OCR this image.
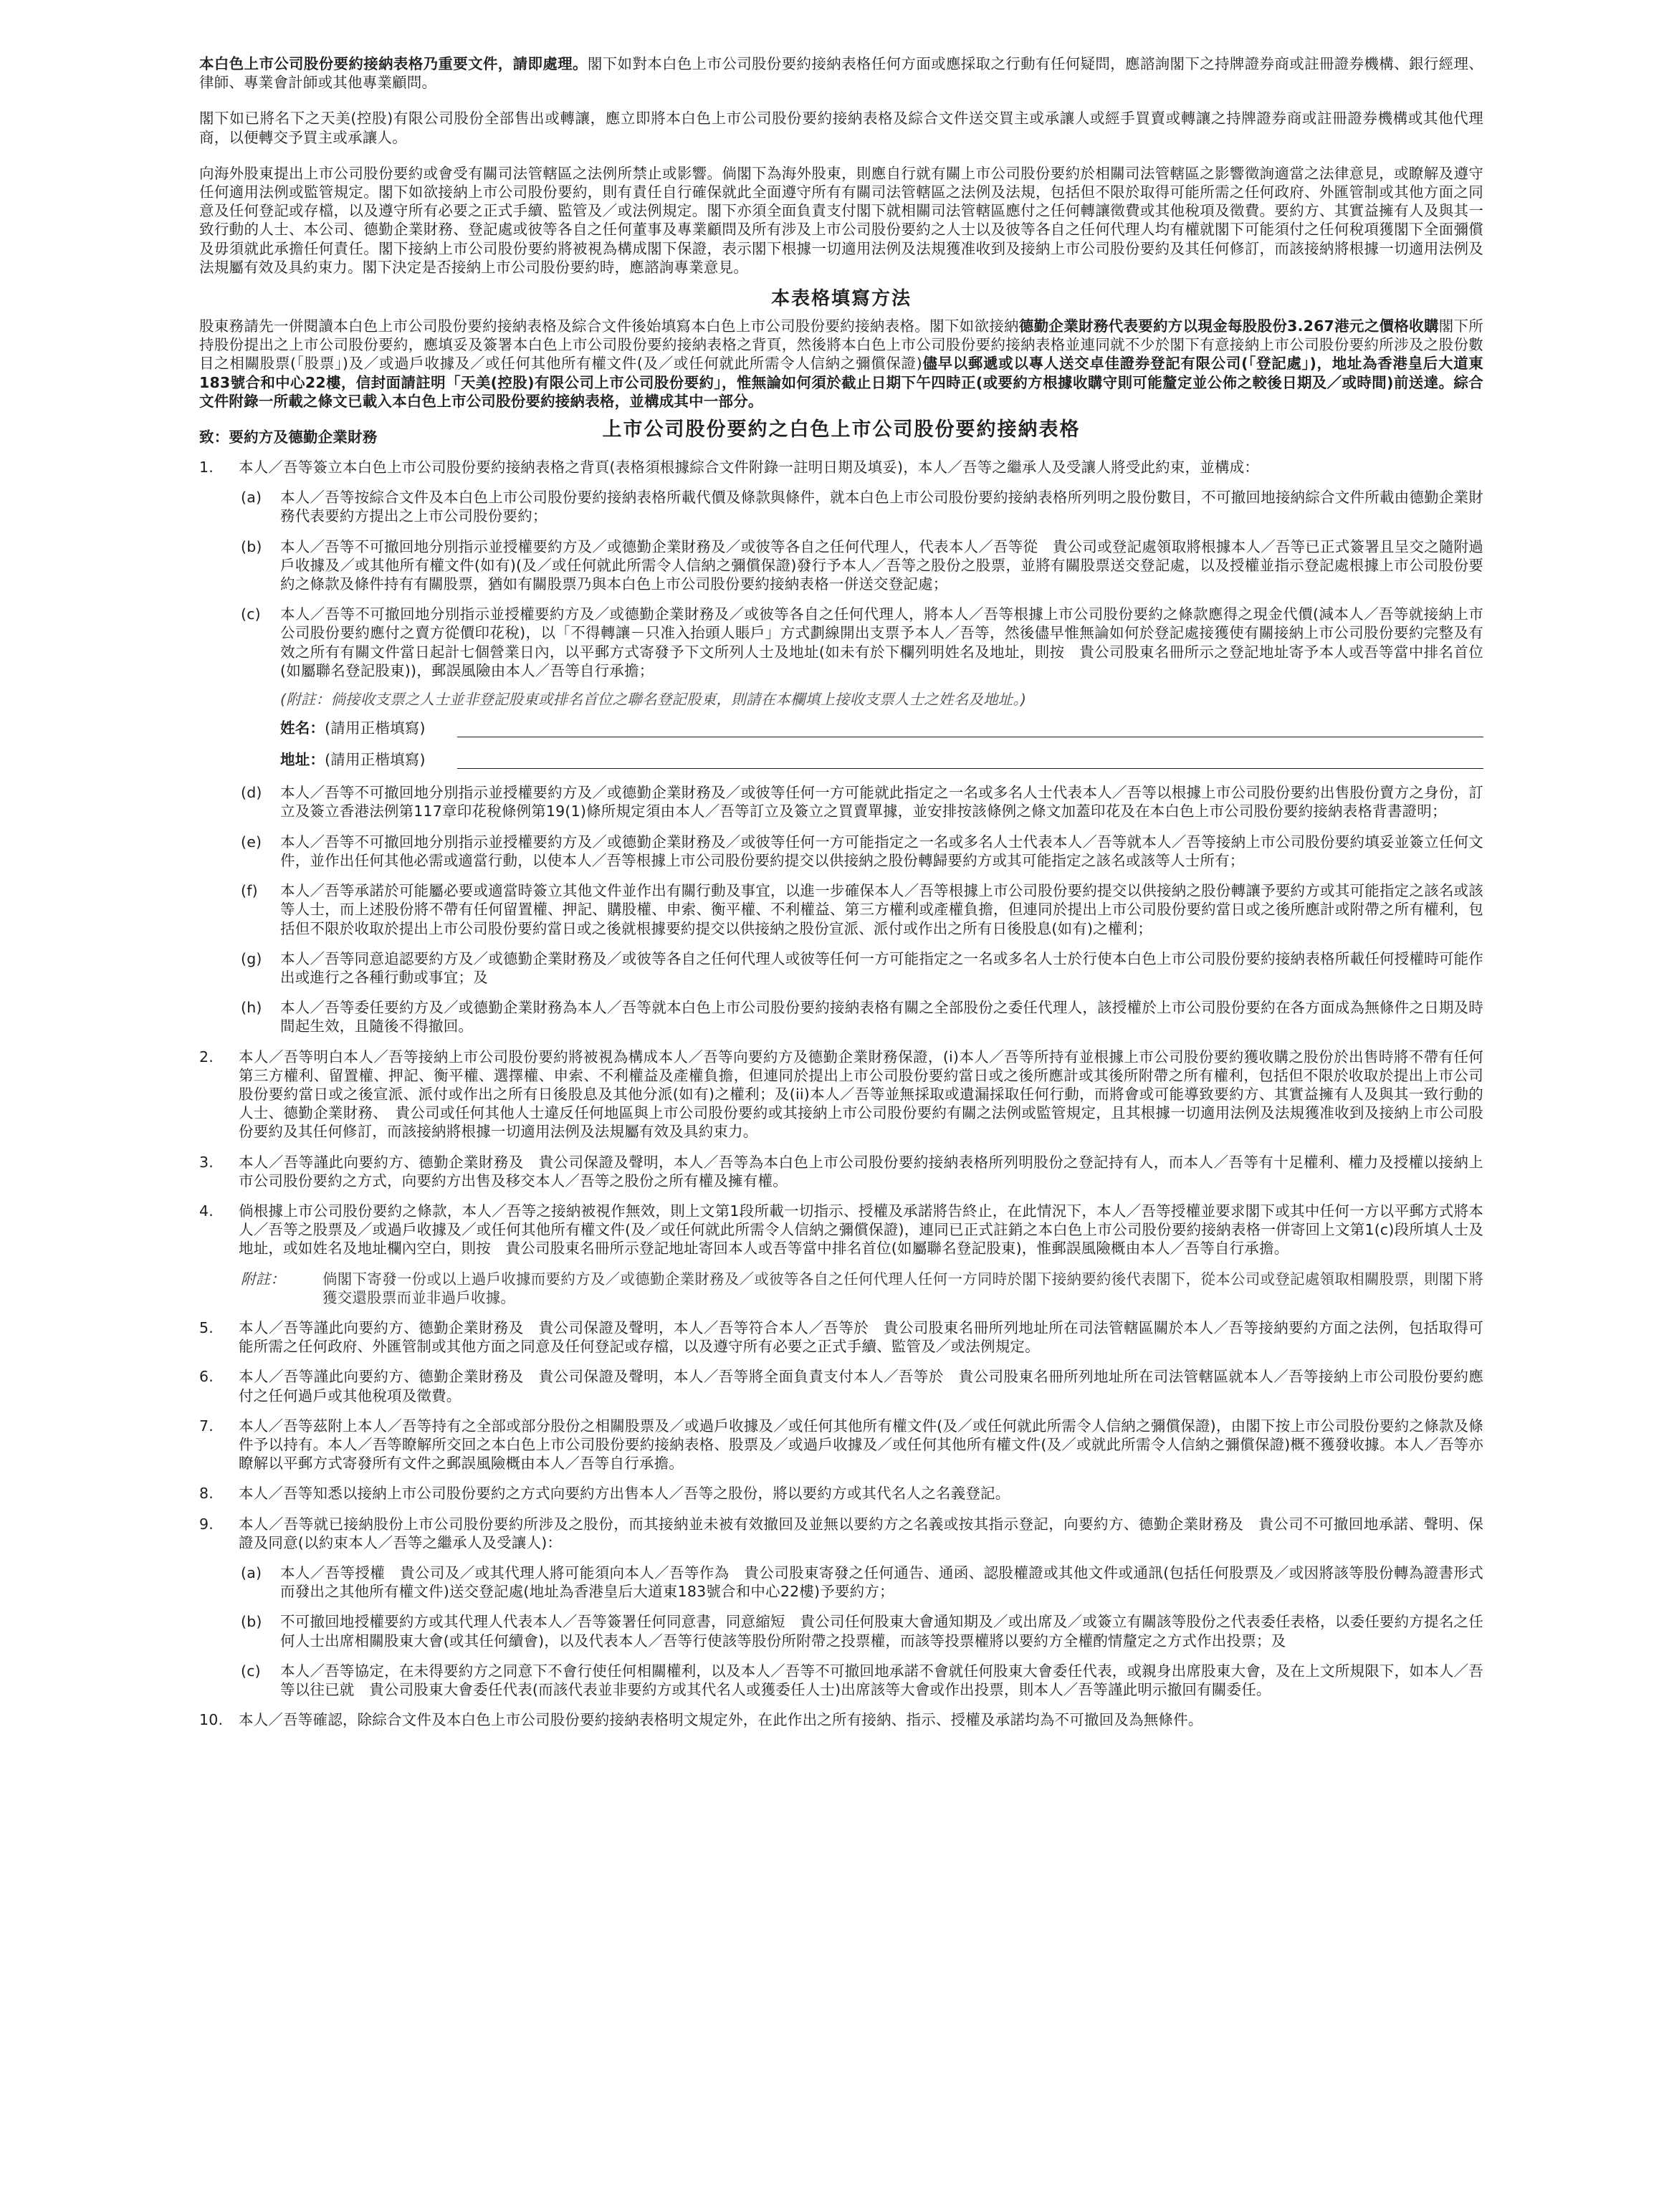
本白色上市公司股份要約接納表格乃重要文件，請即處理。閣下如對本白色上市公司股份要約接納表格任何方面或應採取之行動有任何疑問，應諮詢閣下之持牌證券商或註冊證券機構、銀行經理、律師、專業會計師或其他專業顧問。

閣下如已將名下之天美(控股)有限公司股份全部售出或轉讓，應立即將本白色上市公司股份要約接納表格及綜合文件送交買主或承讓人或經手買賣或轉讓之持牌證券商或註冊證券機構或其他代理商，以便轉交予買主或承讓人。

向海外股東提出上市公司股份要約或會受有關司法管轄區之法例所禁止或影響。倘閣下為海外股東，則應自行就有關上市公司股份要約於相關司法管轄區之影響徵詢適當之法律意見，或瞭解及遵守任何適用法例或監管規定。閣下如欲接納上市公司股份要約，則有責任自行確保就此全面遵守所有有關司法管轄區之法例及法規，包括但不限於取得可能所需之任何政府、外匯管制或其他方面之同意及任何登記或存檔，以及遵守所有必要之正式手續、監管及／或法例規定。閣下亦須全面負責支付閣下就相關司法管轄區應付之任何轉讓徵費或其他稅項及徵費。要約方、其實益擁有人及與其一致行動的人士、本公司、德勤企業財務、登記處或彼等各自之任何董事及專業顧問及所有涉及上市公司股份要約之人士以及彼等各自之任何代理人均有權就閣下可能須付之任何稅項獲閣下全面彌償及毋須就此承擔任何責任。閣下接納上市公司股份要約將被視為構成閣下保證，表示閣下根據一切適用法例及法規獲准收到及接納上市公司股份要約及其任何修訂，而該接納將根據一切適用法例及法規屬有效及具約束力。閣下決定是否接納上市公司股份要約時，應諮詢專業意見。

本表格填寫方法

股東務請先一併閱讀本白色上市公司股份要約接納表格及綜合文件後始填寫本白色上市公司股份要約接納表格。閣下如欲接納德勤企業財務代表要約方以現金每股股份3.267港元之價格收購閣下所持股份提出之上市公司股份要約，應填妥及簽署本白色上市公司股份要約接納表格之背頁，然後將本白色上市公司股份要約接納表格並連同就不少於閣下有意接納上市公司股份要約所涉及之股份數目之相關股票(「股票」)及／或過戶收據及／或任何其他所有權文件(及／或任何就此所需令人信納之彌償保證)儘早以郵遞或以專人送交卓佳證券登記有限公司(「登記處」)，地址為香港皇后大道東183號合和中心22樓，信封面請註明「天美(控股)有限公司上市公司股份要約」，惟無論如何須於截止日期下午四時正(或要約方根據收購守則可能釐定並公佈之較後日期及／或時間)前送達。綜合文件附錄一所載之條文已載入本白色上市公司股份要約接納表格，並構成其中一部分。

上市公司股份要約之白色上市公司股份要約接納表格
致：要約方及德勤企業財務
1. 本人／吾等簽立本白色上市公司股份要約接納表格之背頁(表格須根據綜合文件附錄一註明日期及填妥)，本人／吾等之繼承人及受讓人將受此約束，並構成：

(a) 本人／吾等按綜合文件及本白色上市公司股份要約接納表格所載代價及條款與條件，就本白色上市公司股份要約接納表格所列明之股份數目，不可撤回地接納綜合文件所載由德勤企業財務代表要約方提出之上市公司股份要約；

(b) 本人／吾等不可撤回地分別指示並授權要約方及／或德勤企業財務及／或彼等各自之任何代理人，代表本人／吾等從　貴公司或登記處領取將根據本人／吾等已正式簽署且呈交之隨附過戶收據及／或其他所有權文件(如有)(及／或任何就此所需令人信納之彌償保證)發行予本人／吾等之股份之股票，並將有關股票送交登記處，以及授權並指示登記處根據上市公司股份要約之條款及條件持有有關股票，猶如有關股票乃與本白色上市公司股份要約接納表格一併送交登記處；

(c) 本人／吾等不可撤回地分別指示並授權要約方及／或德勤企業財務及／或彼等各自之任何代理人，將本人／吾等根據上市公司股份要約之條款應得之現金代價(減本人／吾等就接納上市公司股份要約應付之賣方從價印花稅)，以「不得轉讓－只准入抬頭人賬戶」方式劃線開出支票予本人／吾等，然後儘早惟無論如何於登記處接獲使有關接納上市公司股份要約完整及有效之所有有關文件當日起計七個營業日內，以平郵方式寄發予下文所列人士及地址(如未有於下欄列明姓名及地址，則按　貴公司股東名冊所示之登記地址寄予本人或吾等當中排名首位(如屬聯名登記股東))，郵誤風險由本人／吾等自行承擔；

(附註：倘接收支票之人士並非登記股東或排名首位之聯名登記股東，則請在本欄填上接收支票人士之姓名及地址。)
姓名：(請用正楷填寫)
地址：(請用正楷填寫)
(d) 本人／吾等不可撤回地分別指示並授權要約方及／或德勤企業財務及／或彼等任何一方可能就此指定之一名或多名人士代表本人／吾等以根據上市公司股份要約出售股份賣方之身份，訂立及簽立香港法例第117章印花稅條例第19(1)條所規定須由本人／吾等訂立及簽立之買賣單據，並安排按該條例之條文加蓋印花及在本白色上市公司股份要約接納表格背書證明；

(e) 本人／吾等不可撤回地分別指示並授權要約方及／或德勤企業財務及／或彼等任何一方可能指定之一名或多名人士代表本人／吾等就本人／吾等接納上市公司股份要約填妥並簽立任何文件，並作出任何其他必需或適當行動，以使本人／吾等根據上市公司股份要約提交以供接納之股份轉歸要約方或其可能指定之該名或該等人士所有；

(f) 本人／吾等承諾於可能屬必要或適當時簽立其他文件並作出有關行動及事宜，以進一步確保本人／吾等根據上市公司股份要約提交以供接納之股份轉讓予要約方或其可能指定之該名或該等人士，而上述股份將不帶有任何留置權、押記、購股權、申索、衡平權、不利權益、第三方權利或產權負擔，但連同於提出上市公司股份要約當日或之後所應計或附帶之所有權利，包括但不限於收取於提出上市公司股份要約當日或之後就根據要約提交以供接納之股份宣派、派付或作出之所有日後股息(如有)之權利；

(g) 本人／吾等同意追認要約方及／或德勤企業財務及／或彼等各自之任何代理人或彼等任何一方可能指定之一名或多名人士於行使本白色上市公司股份要約接納表格所載任何授權時可能作出或進行之各種行動或事宜；及

(h) 本人／吾等委任要約方及／或德勤企業財務為本人／吾等就本白色上市公司股份要約接納表格有關之全部股份之委任代理人，該授權於上市公司股份要約在各方面成為無條件之日期及時間起生效，且隨後不得撤回。

2. 本人／吾等明白本人／吾等接納上市公司股份要約將被視為構成本人／吾等向要約方及德勤企業財務保證，(i)本人／吾等所持有並根據上市公司股份要約獲收購之股份於出售時將不帶有任何第三方權利、留置權、押記、衡平權、選擇權、申索、不利權益及產權負擔，但連同於提出上市公司股份要約當日或之後所應計或其後所附帶之所有權利，包括但不限於收取於提出上市公司股份要約當日或之後宣派、派付或作出之所有日後股息及其他分派(如有)之權利；及(ii)本人／吾等並無採取或遺漏採取任何行動，而將會或可能導致要約方、其實益擁有人及與其一致行動的人士、德勤企業財務、　貴公司或任何其他人士違反任何地區與上市公司股份要約或其接納上市公司股份要約有關之法例或監管規定，且其根據一切適用法例及法規獲准收到及接納上市公司股份要約及其任何修訂，而該接納將根據一切適用法例及法規屬有效及具約束力。

3. 本人／吾等謹此向要約方、德勤企業財務及　貴公司保證及聲明，本人／吾等為本白色上市公司股份要約接納表格所列明股份之登記持有人，而本人／吾等有十足權利、權力及授權以接納上市公司股份要約之方式，向要約方出售及移交本人／吾等之股份之所有權及擁有權。

4. 倘根據上市公司股份要約之條款，本人／吾等之接納被視作無效，則上文第1段所載一切指示、授權及承諾將告終止，在此情況下，本人／吾等授權並要求閣下或其中任何一方以平郵方式將本人／吾等之股票及／或過戶收據及／或任何其他所有權文件(及／或任何就此所需令人信納之彌償保證)，連同已正式註銷之本白色上市公司股份要約接納表格一併寄回上文第1(c)段所填人士及地址，或如姓名及地址欄內空白，則按　貴公司股東名冊所示登記地址寄回本人或吾等當中排名首位(如屬聯名登記股東)，惟郵誤風險概由本人／吾等自行承擔。

附註：	倘閣下寄發一份或以上過戶收據而要約方及／或德勤企業財務及／或彼等各自之任何代理人任何一方同時於閣下接納要約後代表閣下，從本公司或登記處領取相關股票，則閣下將獲交還股票而並非過戶收據。

5. 本人／吾等謹此向要約方、德勤企業財務及　貴公司保證及聲明，本人／吾等符合本人／吾等於　貴公司股東名冊所列地址所在司法管轄區關於本人／吾等接納要約方面之法例，包括取得可能所需之任何政府、外匯管制或其他方面之同意及任何登記或存檔，以及遵守所有必要之正式手續、監管及／或法例規定。

6. 本人／吾等謹此向要約方、德勤企業財務及　貴公司保證及聲明，本人／吾等將全面負責支付本人／吾等於　貴公司股東名冊所列地址所在司法管轄區就本人／吾等接納上市公司股份要約應付之任何過戶或其他稅項及徵費。

7. 本人／吾等茲附上本人／吾等持有之全部或部分股份之相關股票及／或過戶收據及／或任何其他所有權文件(及／或任何就此所需令人信納之彌償保證)，由閣下按上市公司股份要約之條款及條件予以持有。本人／吾等瞭解所交回之本白色上市公司股份要約接納表格、股票及／或過戶收據及／或任何其他所有權文件(及／或就此所需令人信納之彌償保證)概不獲發收據。本人／吾等亦瞭解以平郵方式寄發所有文件之郵誤風險概由本人／吾等自行承擔。

8. 本人／吾等知悉以接納上市公司股份要約之方式向要約方出售本人／吾等之股份，將以要約方或其代名人之名義登記。

9. 本人／吾等就已接納股份上市公司股份要約所涉及之股份，而其接納並未被有效撤回及並無以要約方之名義或按其指示登記，向要約方、德勤企業財務及　貴公司不可撤回地承諾、聲明、保證及同意(以約束本人／吾等之繼承人及受讓人)：

(a) 本人／吾等授權　貴公司及／或其代理人將可能須向本人／吾等作為　貴公司股東寄發之任何通告、通函、認股權證或其他文件或通訊(包括任何股票及／或因將該等股份轉為證書形式而發出之其他所有權文件)送交登記處(地址為香港皇后大道東183號合和中心22樓)予要約方；

(b) 不可撤回地授權要約方或其代理人代表本人／吾等簽署任何同意書，同意縮短　貴公司任何股東大會通知期及／或出席及／或簽立有關該等股份之代表委任表格，以委任要約方提名之任何人士出席相關股東大會(或其任何續會)，以及代表本人／吾等行使該等股份所附帶之投票權，而該等投票權將以要約方全權酌情釐定之方式作出投票；及

(c) 本人／吾等協定，在未得要約方之同意下不會行使任何相關權利，以及本人／吾等不可撤回地承諾不會就任何股東大會委任代表，或親身出席股東大會，及在上文所規限下，如本人／吾等以往已就　貴公司股東大會委任代表(而該代表並非要約方或其代名人或獲委任人士)出席該等大會或作出投票，則本人／吾等謹此明示撤回有關委任。

10. 本人／吾等確認，除綜合文件及本白色上市公司股份要約接納表格明文規定外，在此作出之所有接納、指示、授權及承諾均為不可撤回及為無條件。
